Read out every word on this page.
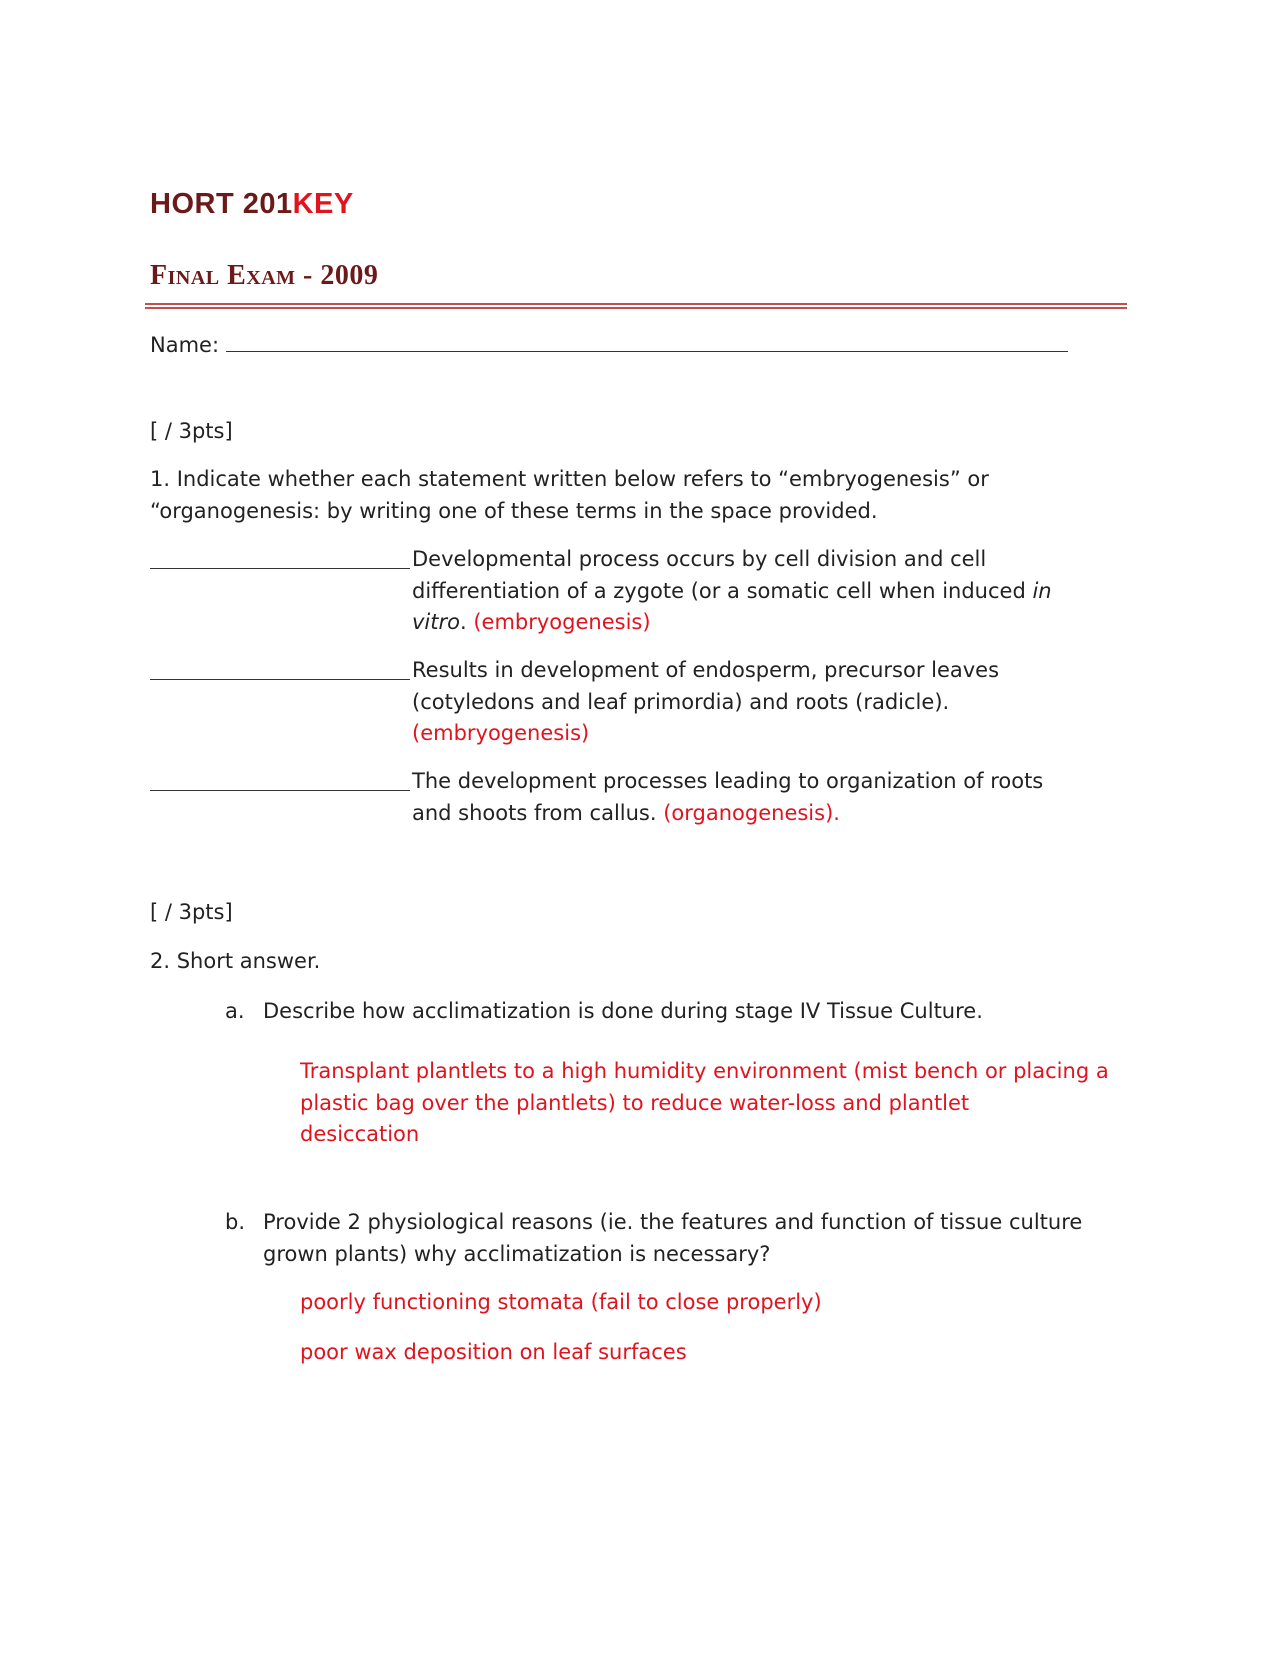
HORT 201KEY
Final Exam - 2009
Name:
[ / 3pts]
1. Indicate whether each statement written below refers to “embryogenesis” or
“organogenesis: by writing one of these terms in the space provided.
Developmental process occurs by cell division and cell
differentiation of a zygote (or a somatic cell when induced in
vitro. (embryogenesis)
Results in development of endosperm, precursor leaves
(cotyledons and leaf primordia) and roots (radicle).
(embryogenesis)
The development processes leading to organization of roots
and shoots from callus. (organogenesis).
[ / 3pts]
2. Short answer.
a. Describe how acclimatization is done during stage IV Tissue Culture.
Transplant plantlets to a high humidity environment (mist bench or placing a
plastic bag over the plantlets) to reduce water-loss and plantlet
desiccation
b. Provide 2 physiological reasons (ie. the features and function of tissue culture
grown plants) why acclimatization is necessary?
poorly functioning stomata (fail to close properly)
poor wax deposition on leaf surfaces
